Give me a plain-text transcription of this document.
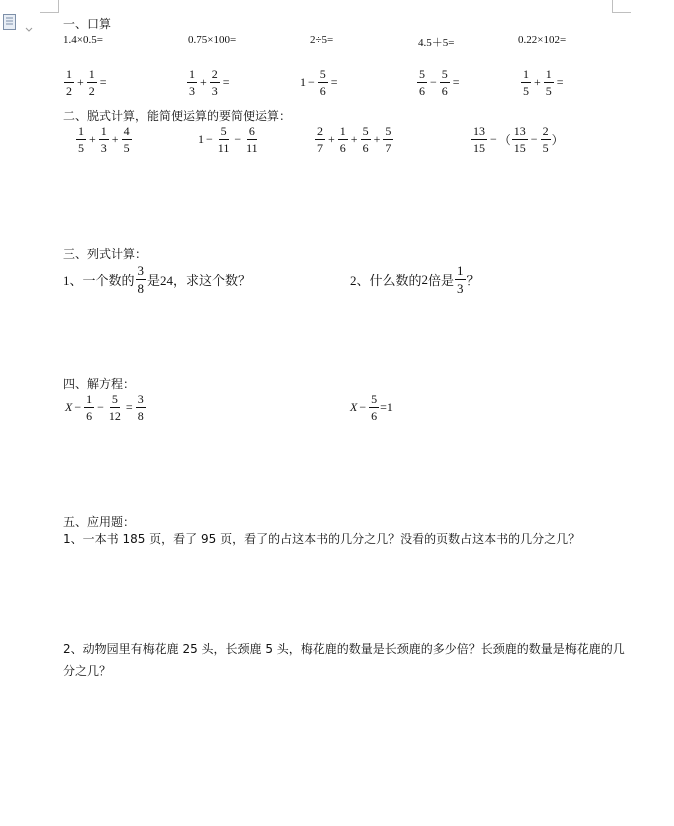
一、口算
1.4×0.5=	0.75×100=	2÷5=	4.5＋5=	0.22×102=
$\frac{1}{2} + \frac{1}{2}$ =	$\frac{1}{3} + \frac{2}{3}$ =	$1 - \frac{5}{6}$ =	$\frac{5}{6} - \frac{5}{6}$ =	$\frac{1}{5} + \frac{1}{5}$ =
二、脱式计算，能简便运算的要简便运算：
$\frac{1}{5} + \frac{1}{3} + \frac{4}{5}$	$1 - \frac{5}{11} - \frac{6}{11}$	$\frac{2}{7} + \frac{1}{6} + \frac{5}{6} + \frac{5}{7}$	$\frac{13}{15}$ − （ $\frac{13}{15} - \frac{2}{5}$ ）
三、列式计算：
1、一个数的 $\frac{3}{8}$ 是24，求这个数？	2、什么数的 2 倍是 $\frac{1}{3}$ ？
四、解方程：
$X - \frac{1}{6} - \frac{5}{12} = \frac{3}{8}$	$X - \frac{5}{6} =1$
五、应用题：
1、一本书 185 页，看了 95 页，看了的占这本书的几分之几？没看的页数占这本书的几分之几？
2、动物园里有梅花鹿 25 头，长颈鹿 5 头，梅花鹿的数量是长颈鹿的多少倍？长颈鹿的数量是梅花鹿的几
分之几？
